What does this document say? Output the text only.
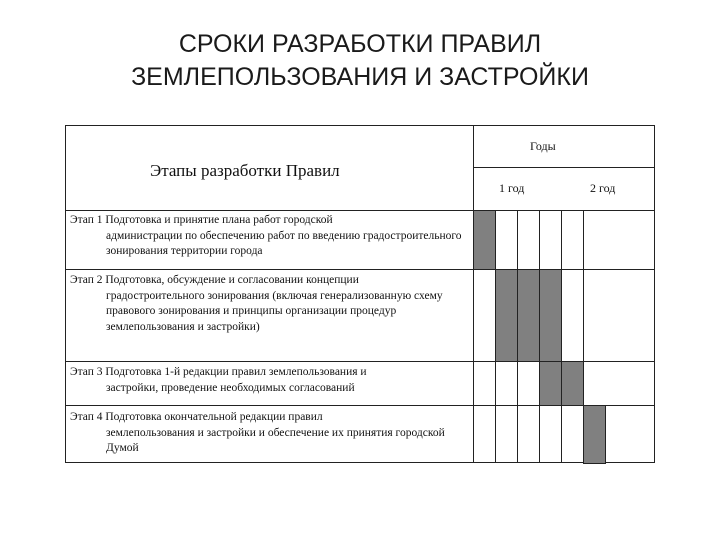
СРОКИ РАЗРАБОТКИ ПРАВИЛ
ЗЕМЛЕПОЛЬЗОВАНИЯ И ЗАСТРОЙКИ
Этапы разработки Правил
Годы
1 год	2 год
Этап 1 Подготовка и принятие плана работ городской
администрации по обеспечению работ по введению градостроительного зонирования территории города
Этап 2 Подготовка, обсуждение и согласовании концепции
градостроительного зонирования (включая генерализованную схему правового зонирования и принципы организации процедур землепользования и застройки)
Этап 3 Подготовка 1-й редакции правил землепользования и
застройки, проведение необходимых согласований
Этап 4 Подготовка окончательной редакции правил
землепользования и застройки и обеспечение их принятия городской Думой
